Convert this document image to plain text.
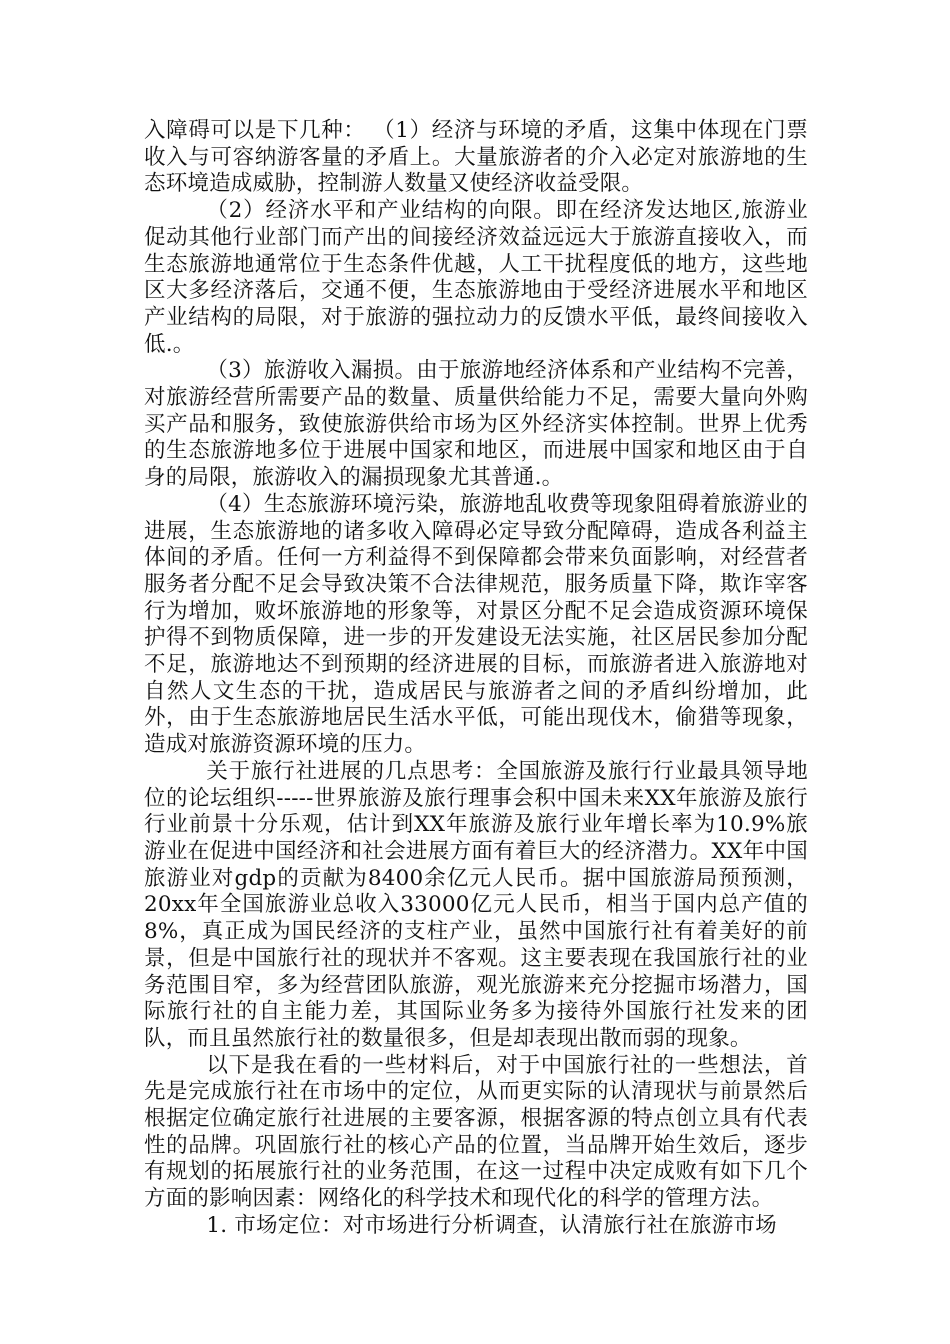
入障碍可以是下几种： （1）经济与环境的矛盾，这集中体现在门票收入与可容纳游客量的矛盾上。大量旅游者的介入必定对旅游地的生态环境造成威胁，控制游人数量又使经济收益受限。

（2）经济水平和产业结构的向限。即在经济发达地区,旅游业促动其他行业部门而产出的间接经济效益远远大于旅游直接收入，而生态旅游地通常位于生态条件优越，人工干扰程度低的地方，这些地区大多经济落后，交通不便，生态旅游地由于受经济进展水平和地区产业结构的局限，对于旅游的强拉动力的反馈水平低，最终间接收入低.。

（3）旅游收入漏损。由于旅游地经济体系和产业结构不完善，对旅游经营所需要产品的数量、质量供给能力不足，需要大量向外购买产品和服务，致使旅游供给市场为区外经济实体控制。世界上优秀的生态旅游地多位于进展中国家和地区，而进展中国家和地区由于自身的局限，旅游收入的漏损现象尤其普通.。

（4）生态旅游环境污染，旅游地乱收费等现象阻碍着旅游业的进展，生态旅游地的诸多收入障碍必定导致分配障碍，造成各利益主体间的矛盾。任何一方利益得不到保障都会带来负面影响，对经营者服务者分配不足会导致决策不合法律规范，服务质量下降，欺诈宰客行为增加，败坏旅游地的形象等，对景区分配不足会造成资源环境保护得不到物质保障，进一步的开发建设无法实施，社区居民参加分配不足，旅游地达不到预期的经济进展的目标，而旅游者进入旅游地对自然人文生态的干扰，造成居民与旅游者之间的矛盾纠纷增加，此外，由于生态旅游地居民生活水平低，可能出现伐木，偷猎等现象，造成对旅游资源环境的压力。

关于旅行社进展的几点思考：全国旅游及旅行行业最具领导地位的论坛组织-----世界旅游及旅行理事会积中国未来XX年旅游及旅行行业前景十分乐观，估计到XX年旅游及旅行业年增长率为10.9%旅游业在促进中国经济和社会进展方面有着巨大的经济潜力。XX年中国旅游业对gdp的贡献为8400余亿元人民币。据中国旅游局预预测，20xx年全国旅游业总收入33000亿元人民币，相当于国内总产值的8%，真正成为国民经济的支柱产业，虽然中国旅行社有着美好的前景，但是中国旅行社的现状并不客观。这主要表现在我国旅行社的业务范围目窄，多为经营团队旅游，观光旅游来充分挖掘市场潜力，国际旅行社的自主能力差，其国际业务多为接待外国旅行社发来的团队，而且虽然旅行社的数量很多，但是却表现出散而弱的现象。

以下是我在看的一些材料后，对于中国旅行社的一些想法，首先是完成旅行社在市场中的定位，从而更实际的认清现状与前景然后根据定位确定旅行社进展的主要客源，根据客源的特点创立具有代表性的品牌。巩固旅行社的核心产品的位置，当品牌开始生效后，逐步有规划的拓展旅行社的业务范围，在这一过程中决定成败有如下几个方面的影响因素：网络化的科学技术和现代化的科学的管理方法。

1. 市场定位：对市场进行分析调查，认清旅行社在旅游市场
